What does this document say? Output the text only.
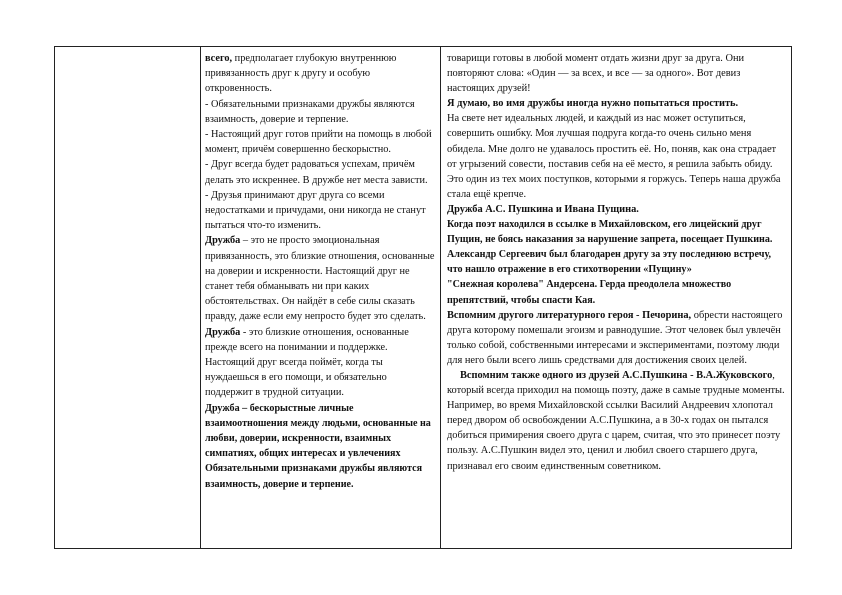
всего, предполагает глубокую внутреннюю привязанность друг к другу и особую откровенность.

- Обязательными признаками дружбы являются взаимность, доверие и терпение.

- Настоящий друг готов прийти на помощь в любой момент, причём совершенно бескорыстно.

- Друг всегда будет радоваться успехам, причём делать это искреннее. В дружбе нет места зависти.

- Друзья принимают друг друга со всеми недостатками и причудами, они никогда не станут пытаться что-то изменить.

Дружба – это не просто эмоциональная привязанность, это близкие отношения, основанные на доверии и искренности. Настоящий друг не станет тебя обманывать ни при каких обстоятельствах. Он найдёт в себе силы сказать правду, даже если ему непросто будет это сделать.

Дружба - это близкие отношения, основанные прежде всего на понимании и поддержке. Настоящий друг всегда поймёт, когда ты нуждаешься в его помощи, и обязательно поддержит в трудной ситуации.

Дружба – бескорыстные личные взаимоотношения между людьми, основанные на любви, доверии, искренности, взаимных симпатиях, общих интересах и увлечениях Обязательными признаками дружбы являются взаимность, доверие и терпение.

товарищи готовы в любой момент отдать жизни друг за друга. Они повторяют слова: «Один — за всех, и все — за одного». Вот девиз настоящих друзей!

Я думаю, во имя дружбы иногда нужно попытаться простить.

На свете нет идеальных людей, и каждый из нас может оступиться, совершить ошибку. Моя лучшая подруга когда-то очень сильно меня обидела. Мне долго не удавалось простить её. Но, поняв, как она страдает от угрызений совести, поставив себя на её место, я решила забыть обиду. Это один из тех моих поступков, которыми я горжусь. Теперь наша дружба стала ещё крепче.

Дружба А.С. Пушкина и Ивана Пущина.

Когда поэт находился в ссылке в Михайловском, его лицейский друг Пущин, не боясь наказания за нарушение запрета, посещает Пушкина. Александр Сергеевич был благодарен другу за эту последнюю встречу, что нашло отражение в его стихотворении «Пущину»

"Снежная королева" Андерсена. Герда преодолела множество препятствий, чтобы спасти Кая.

Вспомним другого литературного героя - Печорина, обрести настоящего друга которому помешали эгоизм и равнодушие. Этот человек был увлечён только собой, собственными интересами и экспериментами, поэтому люди для него были всего лишь средствами для достижения своих целей.

Вспомним также одного из друзей А.С.Пушкина - В.А.Жуковского, который всегда приходил на помощь поэту, даже в самые трудные моменты. Например, во время Михайловской ссылки Василий Андреевич хлопотал перед двором об освобождении А.С.Пушкина, а в 30-х годах он пытался добиться примирения своего друга с царем, считая, что это принесет поэту пользу. А.С.Пушкин видел это, ценил и любил своего старшего друга, признавал его своим единственным советником.
